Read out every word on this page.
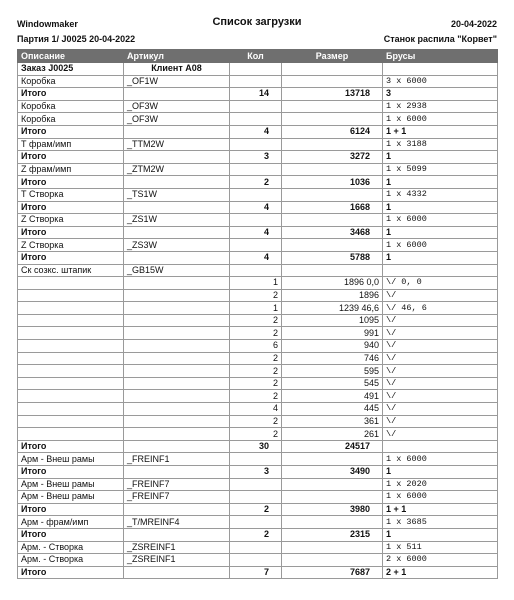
Windowmaker	Список загрузки	20-04-2022
Партия 1/ J0025 20-04-2022	Станок распила "Корвет"
Описание	Артикул	Кол	Размер	Брусы
Заказ J0025	Клиент A08			
Коробка	_OF1W			3 x 6000
Итого		14	13718	3
Коробка	_OF3W			1 x 2938
Коробка	_OF3W			1 x 6000
Итого		4	6124	1 + 1
Т фрам/имп	_TTM2W			1 x 3188
Итого		3	3272	1
Z фрам/имп	_ZTM2W			1 x 5099
Итого		2	1036	1
Т Створка	_TS1W			1 x 4332
Итого		4	1668	1
Z Створка	_ZS1W			1 x 6000
Итого		4	3468	1
Z Створка	_ZS3W			1 x 6000
Итого		4	5788	1
Ск созкс. штапик	_GB15W			
		1	1896 0,0	\/ 0, 0
		2	1896	\/
		1	1239 46,6	\/ 46, 6
		2	1095	\/
		2	991	\/
		6	940	\/
		2	746	\/
		2	595	\/
		2	545	\/
		2	491	\/
		4	445	\/
		2	361	\/
		2	261	\/
Итого		30	24517	
Арм - Внеш рамы	_FREINF1			1 x 6000
Итого		3	3490	1
Арм - Внеш рамы	_FREINF7			1 x 2020
Арм - Внеш рамы	_FREINF7			1 x 6000
Итого		2	3980	1 + 1
Арм - фрам/имп	_T/MREINF4			1 x 3685
Итого		2	2315	1
Арм. - Створка	_ZSREINF1			1 x 511
Арм. - Створка	_ZSREINF1			2 x 6000
Итого		7	7687	2 + 1
